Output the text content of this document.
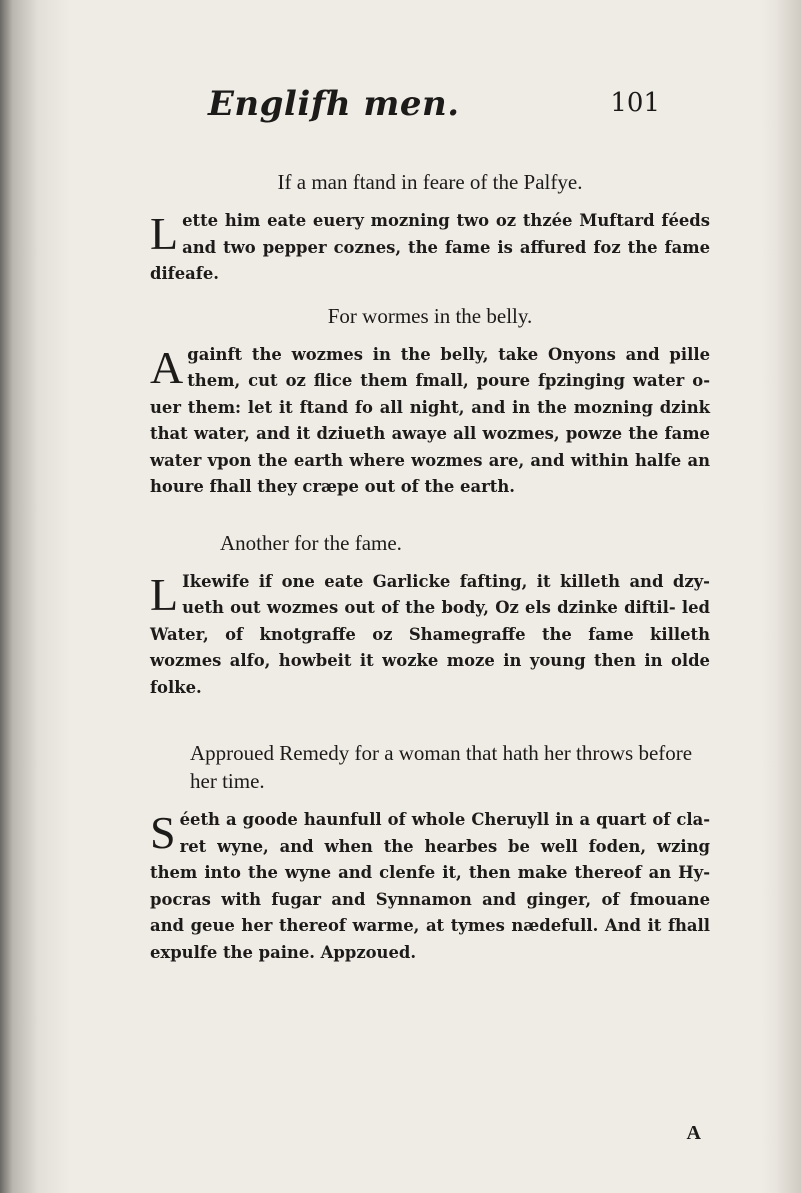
Englifh men.	101

If a man ftand in feare of the Palfye.

L ette him eate euery mozning two oz thzée Muftard féeds and two pepper coznes, the fame is affured foz the fame difeafe.

For wormes in the belly.

A gainft the wozmes in the belly, take Onyons and pille them, cut oz flice them fmall, poure fpzinging water o- uer them: let it ftand fo all night, and in the mozning dzink that water, and it dziueth awaye all wozmes, powze the fame water vpon the earth where wozmes are, and within halfe an houre fhall they cræpe out of the earth.

Another for the fame.

L Ikewife if one eate Garlicke fafting, it killeth and dzy- ueth out wozmes out of the body, Oz els dzinke diftil- led Water, of knotgraffe oz Shamegraffe the fame killeth wozmes alfo, howbeit it wozke moze in young then in olde folke.

Approued Remedy for a woman that hath her throws before her time.

S éeth a goode haunfull of whole Cheruyll in a quart of cla- ret wyne, and when the hearbes be well foden, wzing them into the wyne and clenfe it, then make thereof an Hy- pocras with fugar and Synnamon and ginger, of fmouane and geue her thereof warme, at tymes nædefull. And it fhall expulfe the paine. Appzoued.

A
